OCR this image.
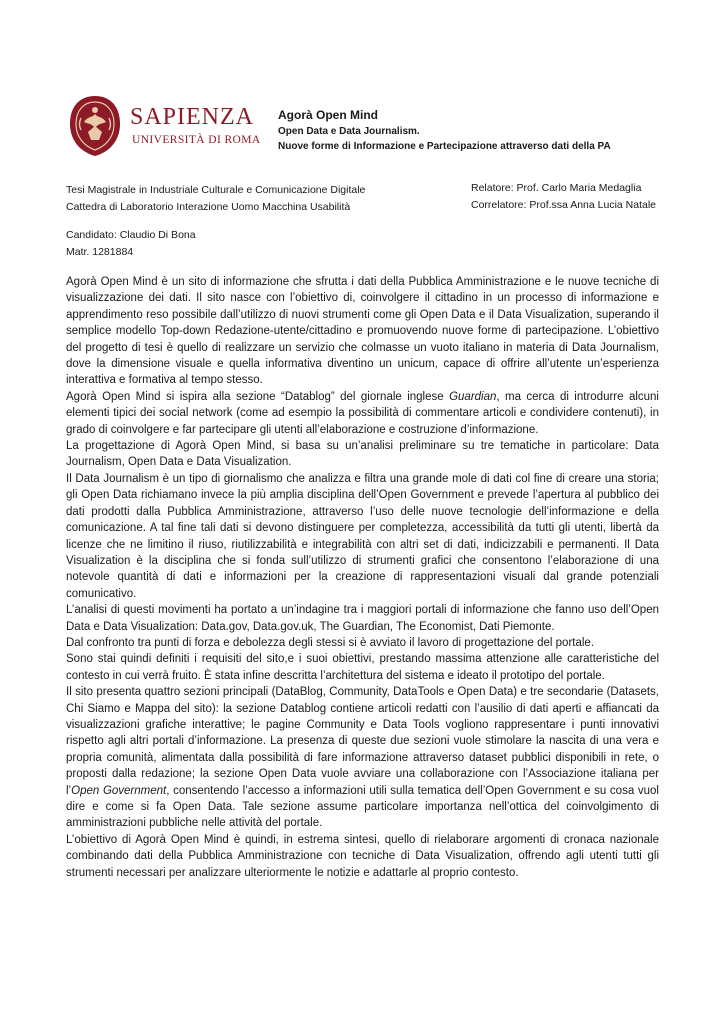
SAPIENZA
UNIVERSITÀ DI ROMA
Agorà Open Mind
Open Data e Data Journalism.
Nuove forme di Informazione e Partecipazione attraverso dati della PA
Tesi Magistrale in Industriale Culturale e Comunicazione Digitale
Cattedra di Laboratorio Interazione Uomo Macchina Usabilità
Relatore: Prof. Carlo Maria Medaglia
Correlatore: Prof.ssa Anna Lucia Natale
Candidato: Claudio Di Bona
Matr. 1281884

Agorà Open Mind è un sito di informazione che sfrutta i dati della Pubblica Amministrazione e le nuove tecniche di visualizzazione dei dati. Il sito nasce con l’obiettivo di, coinvolgere il cittadino in un processo di informazione e apprendimento reso possibile dall’utilizzo di nuovi strumenti come gli Open Data e il Data Visualization, superando il semplice modello Top-down Redazione-utente/cittadino e promuovendo nuove forme di partecipazione. L’obiettivo del progetto di tesi è quello di realizzare un servizio che colmasse un vuoto italiano in materia di Data Journalism, dove la dimensione visuale e quella informativa diventino un unicum, capace di offrire all’utente un’esperienza interattiva e formativa al tempo stesso.

Agorà Open Mind si ispira alla sezione “Datablog” del giornale inglese Guardian, ma cerca di introdurre alcuni elementi tipici dei social network (come ad esempio la possibilità di commentare articoli e condividere contenuti), in grado di coinvolgere e far partecipare gli utenti all’elaborazione e costruzione d’informazione.

La progettazione di Agorà Open Mind, si basa su un’analisi preliminare su tre tematiche in particolare: Data Journalism, Open Data e Data Visualization.

Il Data Journalism è un tipo di giornalismo che analizza e filtra una grande mole di dati col fine di creare una storia; gli Open Data richiamano invece la più amplia disciplina dell’Open Government e prevede l’apertura al pubblico dei dati prodotti dalla Pubblica Amministrazione, attraverso l’uso delle nuove tecnologie dell’informazione e della comunicazione. A tal fine tali dati si devono distinguere per completezza, accessibilità da tutti gli utenti, libertà da licenze che ne limitino il riuso, riutilizzabilità e integrabilità con altri set di dati, indicizzabili e permanenti. Il Data Visualization è la disciplina che si fonda sull’utilizzo di strumenti grafici che consentono l’elaborazione di una notevole quantità di dati e informazioni per la creazione di rappresentazioni visuali dal grande potenziali comunicativo.

L’analisi di questi movimenti ha portato a un’indagine tra i maggiori portali di informazione che fanno uso dell’Open Data e Data Visualization: Data.gov, Data.gov.uk, The Guardian, The Economist, Dati Piemonte.

Dal confronto tra punti di forza e debolezza degli stessi si è avviato il lavoro di progettazione del portale.

Sono stai quindi definiti i requisiti del sito,e i suoi obiettivi, prestando massima attenzione alle caratteristiche del contesto in cui verrà fruito. È stata infine descritta l’architettura del sistema e ideato il prototipo del portale.

Il sito presenta quattro sezioni principali (DataBlog, Community, DataTools e Open Data) e tre secondarie (Datasets, Chi Siamo e Mappa del sito): la sezione Datablog contiene articoli redatti con l’ausilio di dati aperti e affiancati da visualizzazioni grafiche interattive; le pagine Community e Data Tools vogliono rappresentare i punti innovativi rispetto agli altri portali d’informazione. La presenza di queste due sezioni vuole stimolare la nascita di una vera e propria comunità, alimentata dalla possibilità di fare informazione attraverso dataset pubblici disponibili in rete, o proposti dalla redazione; la sezione Open Data vuole avviare una collaborazione con l’Associazione italiana per l’Open Government, consentendo l’accesso a informazioni utili sulla tematica dell’Open Government e su cosa vuol dire e come si fa Open Data. Tale sezione assume particolare importanza nell’ottica del coinvolgimento di amministrazioni pubbliche nelle attività del portale.

L’obiettivo di Agorà Open Mind è quindi, in estrema sintesi, quello di rielaborare argomenti di cronaca nazionale combinando dati della Pubblica Amministrazione con tecniche di Data Visualization, offrendo agli utenti tutti gli strumenti necessari per analizzare ulteriormente le notizie e adattarle al proprio contesto.
